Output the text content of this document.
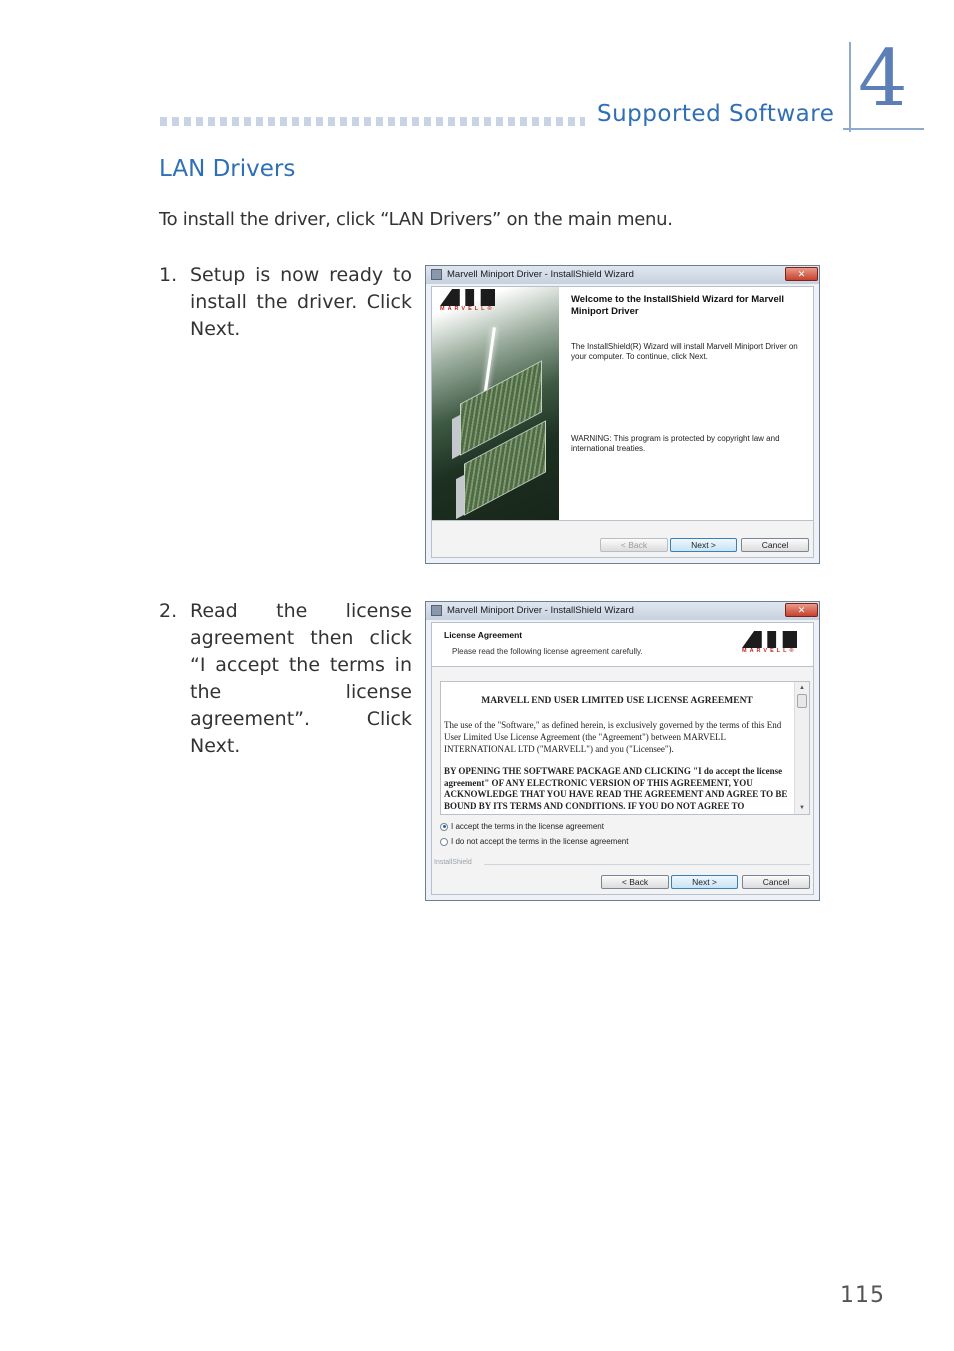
Supported Software 4
LAN Drivers
To install the driver, click “LAN Drivers” on the main menu.
1. Setup is now ready to install the driver. Click Next.
2. Read the license agreement then click “I accept the terms in the license agreement”. Click Next.
Marvell Miniport Driver - InstallShield Wizard	✕
MARVELL®
Welcome to the InstallShield Wizard for Marvell Miniport Driver
The InstallShield(R) Wizard will install Marvell Miniport Driver on your computer. To continue, click Next.
WARNING: This program is protected by copyright law and international treaties.
< Back	Next >	Cancel
Marvell Miniport Driver - InstallShield Wizard	✕
License Agreement
Please read the following license agreement carefully.	MARVELL®
MARVELL END USER LIMITED USE LICENSE AGREEMENT
The use of the "Software," as defined herein, is exclusively governed by the terms of this End User Limited Use License Agreement (the "Agreement") between MARVELL INTERNATIONAL LTD ("MARVELL") and you ("Licensee").
BY OPENING THE SOFTWARE PACKAGE AND CLICKING "I do accept the license agreement" OF ANY ELECTRONIC VERSION OF THIS AGREEMENT, YOU ACKNOWLEDGE THAT YOU HAVE READ THE AGREEMENT AND AGREE TO BE BOUND BY ITS TERMS AND CONDITIONS. IF YOU DO NOT AGREE TO
▲
▼
I accept the terms in the license agreement
I do not accept the terms in the license agreement
InstallShield
< Back	Next >	Cancel
115
